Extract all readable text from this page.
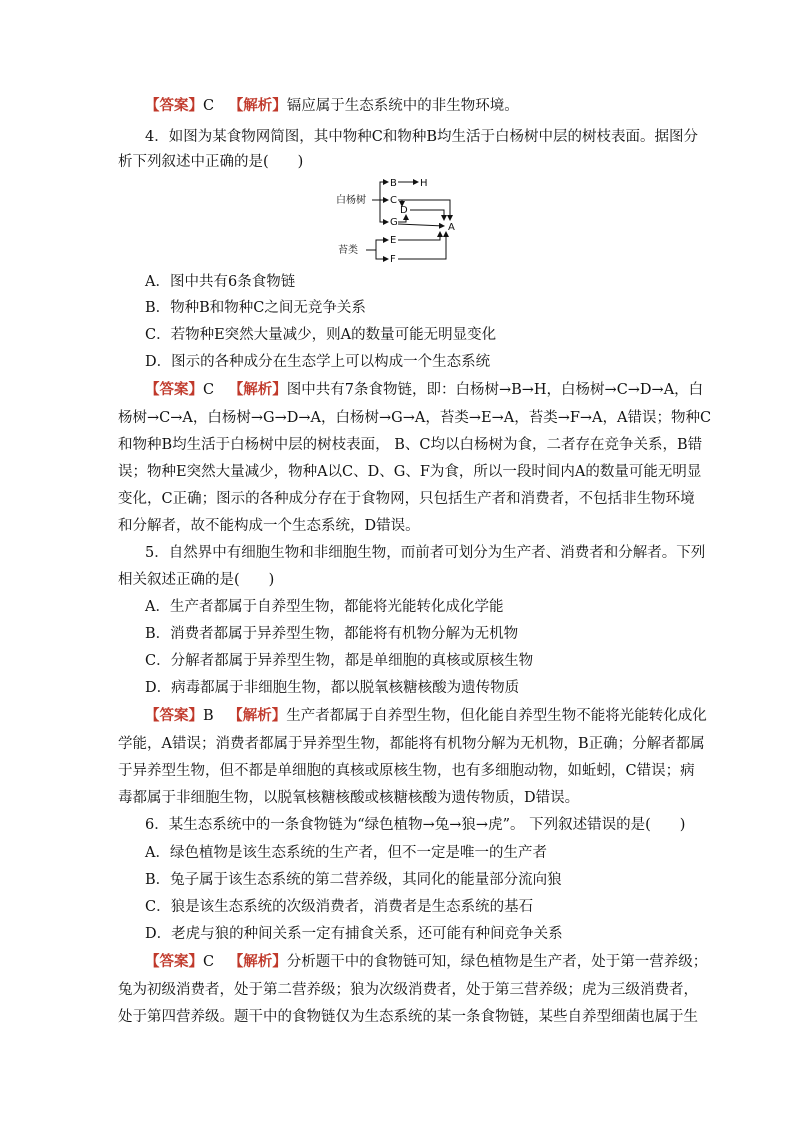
【答案】C 【解析】镉应属于生态系统中的非生物环境。
4．如图为某食物网简图，其中物种C和物种B均生活于白杨树中层的树枝表面。据图分
析下列叙述中正确的是(　　)
白杨树
苔类
B H
C
D
G	A
E
F
A．图中共有6条食物链
B．物种B和物种C之间无竞争关系
C．若物种E突然大量减少，则A的数量可能无明显变化
D．图示的各种成分在生态学上可以构成一个生态系统
【答案】C 【解析】图中共有7条食物链，即：白杨树→B→H，白杨树→C→D→A，白
杨树→C→A，白杨树→G→D→A，白杨树→G→A，苔类→E→A，苔类→F→A，A错误；物种C
和物种B均生活于白杨树中层的树枝表面， B、C均以白杨树为食，二者存在竞争关系，B错
误；物种E突然大量减少，物种A以C、D、G、F为食，所以一段时间内A的数量可能无明显
变化，C正确；图示的各种成分存在于食物网，只包括生产者和消费者，不包括非生物环境
和分解者，故不能构成一个生态系统，D错误。
5．自然界中有细胞生物和非细胞生物，而前者可划分为生产者、消费者和分解者。下列
相关叙述正确的是(　　)
A．生产者都属于自养型生物，都能将光能转化成化学能
B．消费者都属于异养型生物，都能将有机物分解为无机物
C．分解者都属于异养型生物，都是单细胞的真核或原核生物
D．病毒都属于非细胞生物，都以脱氧核糖核酸为遗传物质
【答案】B 【解析】生产者都属于自养型生物，但化能自养型生物不能将光能转化成化
学能，A错误；消费者都属于异养型生物，都能将有机物分解为无机物，B正确；分解者都属
于异养型生物，但不都是单细胞的真核或原核生物，也有多细胞动物，如蚯蚓，C错误；病
毒都属于非细胞生物，以脱氧核糖核酸或核糖核酸为遗传物质，D错误。
6．某生态系统中的一条食物链为“绿色植物→兔→狼→虎”。 下列叙述错误的是(　　)
A．绿色植物是该生态系统的生产者，但不一定是唯一的生产者
B．兔子属于该生态系统的第二营养级，其同化的能量部分流向狼
C．狼是该生态系统的次级消费者，消费者是生态系统的基石
D．老虎与狼的种间关系一定有捕食关系，还可能有种间竞争关系
【答案】C 【解析】分析题干中的食物链可知，绿色植物是生产者，处于第一营养级；
兔为初级消费者，处于第二营养级；狼为次级消费者，处于第三营养级；虎为三级消费者，
处于第四营养级。题干中的食物链仅为生态系统的某一条食物链，某些自养型细菌也属于生
